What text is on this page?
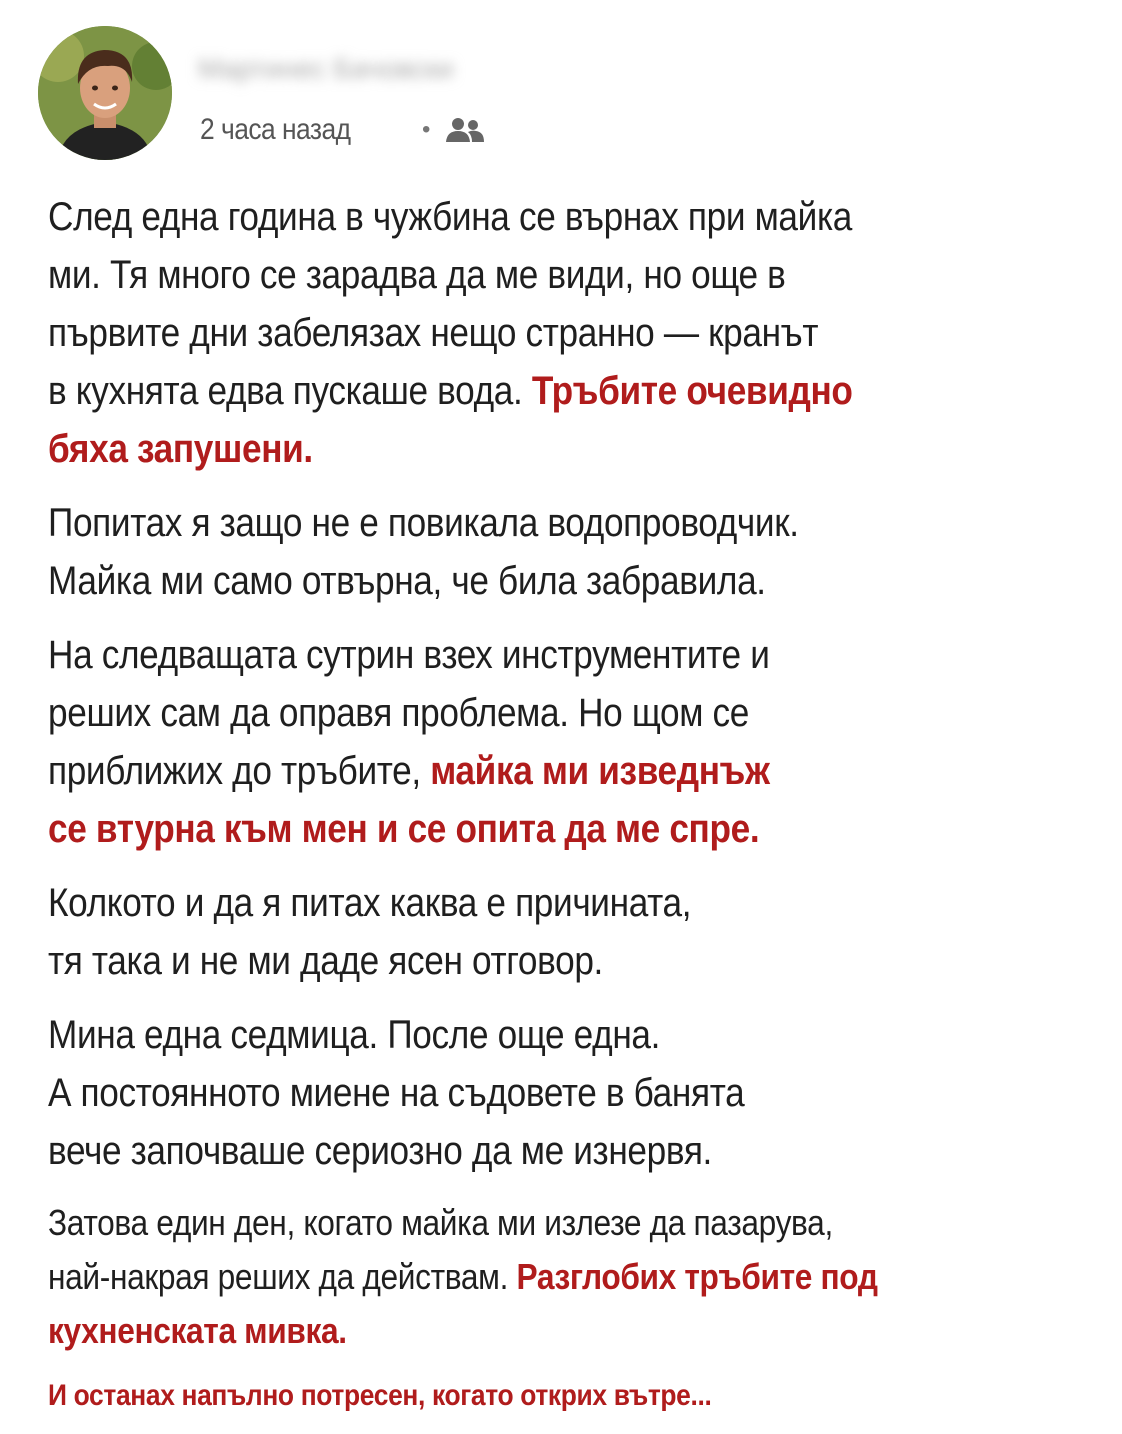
Мартинес Бачовски
2 часа назад	•
След една година в чужбина се върнах при майка
ми. Тя много се зарадва да ме види, но още в
първите дни забелязах нещо странно — кранът
в кухнята едва пускаше вода. Тръбите очевидно
бяха запушени.
Попитах я защо не е повикала водопроводчик.
Майка ми само отвърна, че била забравила.
На следващата сутрин взех инструментите и
реших сам да оправя проблема. Но щом се
приближих до тръбите, майка ми изведнъж
се втурна към мен и се опита да ме спре.
Колкото и да я питах каква е причината,
тя така и не ми даде ясен отговор.
Мина една седмица. После още една.
А постоянното миене на съдовете в банята
вече започваше сериозно да ме изнервя.
Затова един ден, когато майка ми излезе да пазарува,
най-накрая реших да действам. Разглобих тръбите под
кухненската мивка.
И останах напълно потресен, когато открих вътре...
